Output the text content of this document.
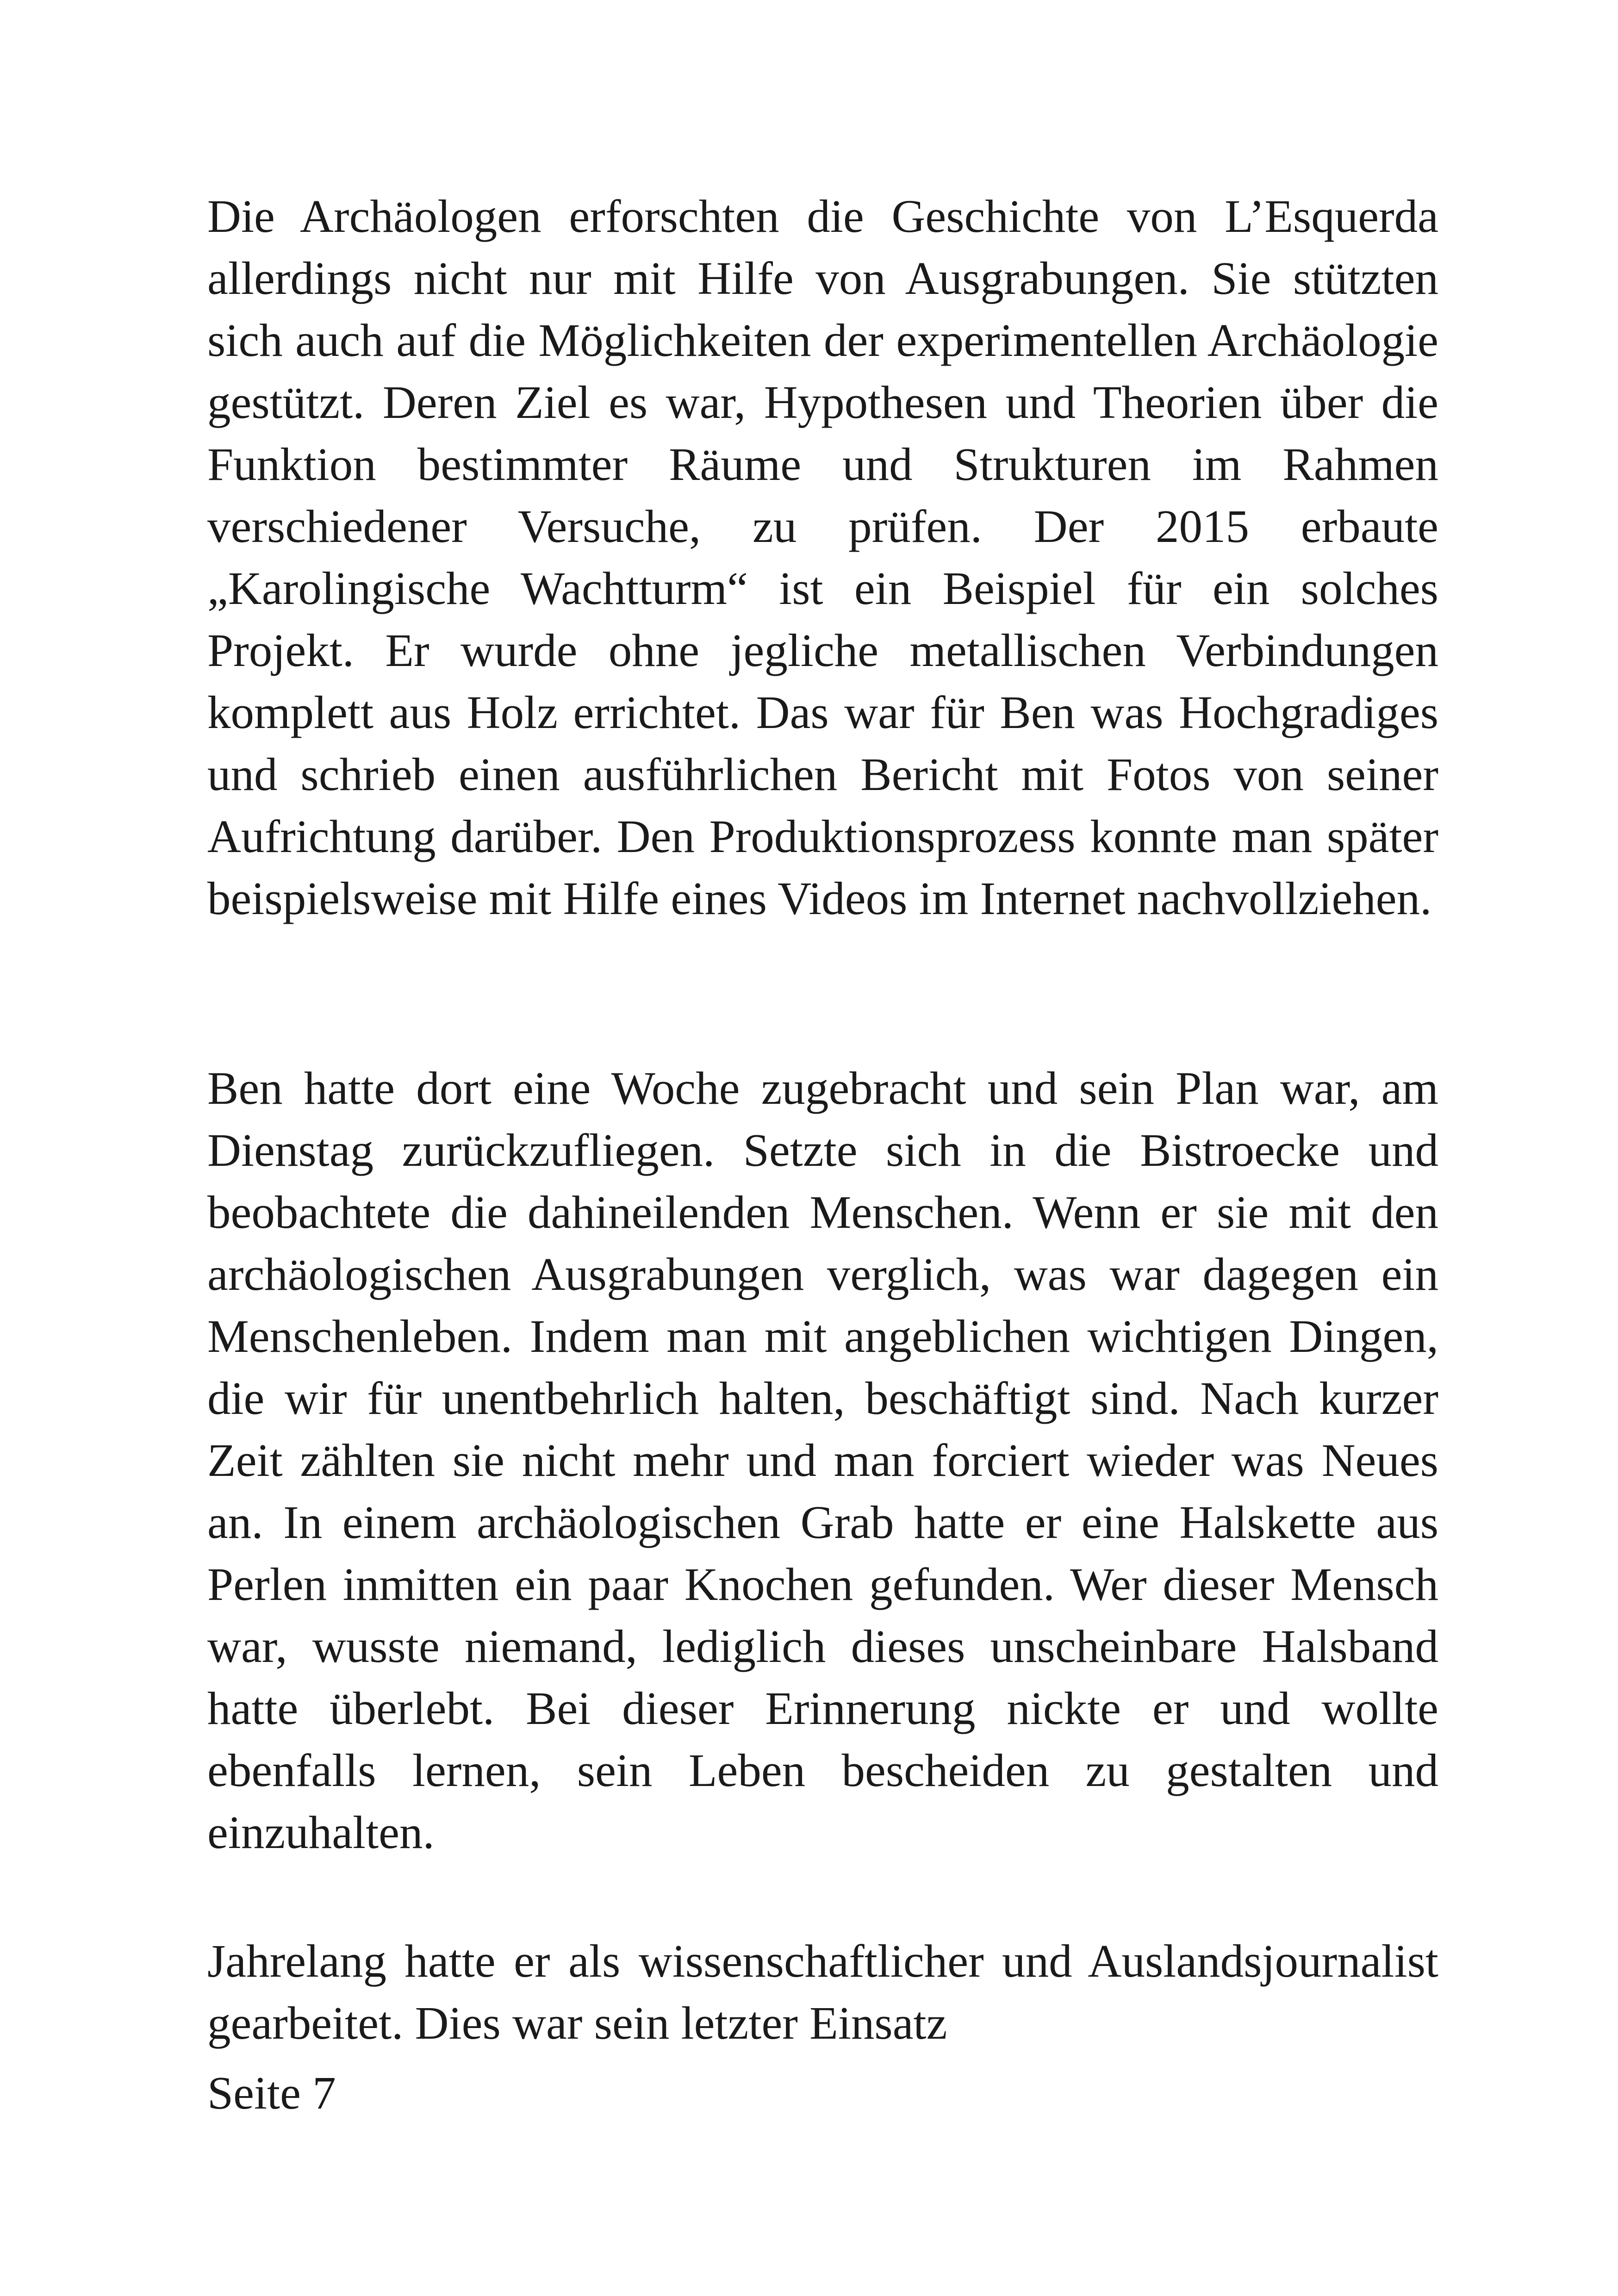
Die Archäologen erforschten die Geschichte von L’Esquerda allerdings nicht nur mit Hilfe von Ausgrabungen. Sie stützten sich auch auf die Möglichkeiten der experimentellen Archäologie gestützt. Deren Ziel es war, Hypothesen und Theorien über die Funktion bestimmter Räume und Strukturen im Rahmen verschiedener Versuche, zu prüfen. Der 2015 erbaute „Karolingische Wachtturm“ ist ein Beispiel für ein solches Projekt. Er wurde ohne jegliche metallischen Verbindungen komplett aus Holz errichtet. Das war für Ben was Hochgradiges und schrieb einen ausführlichen Bericht mit Fotos von seiner Aufrichtung darüber. Den Produktionsprozess konnte man später beispielsweise mit Hilfe eines Videos im Internet nachvollziehen.

Ben hatte dort eine Woche zugebracht und sein Plan war, am Dienstag zurückzufliegen. Setzte sich in die Bistroecke und beobachtete die dahineilenden Menschen. Wenn er sie mit den archäologischen Ausgrabungen verglich, was war dagegen ein Menschenleben. Indem man mit angeblichen wichtigen Dingen, die wir für unentbehrlich halten, beschäftigt sind. Nach kurzer Zeit zählten sie nicht mehr und man forciert wieder was Neues an. In einem archäologischen Grab hatte er eine Halskette aus Perlen inmitten ein paar Knochen gefunden. Wer dieser Mensch war, wusste niemand, lediglich dieses unscheinbare Halsband hatte überlebt. Bei dieser Erinnerung nickte er und wollte ebenfalls lernen, sein Leben bescheiden zu gestalten und einzuhalten.

Jahrelang hatte er als wissenschaftlicher und Auslandsjournalist gearbeitet. Dies war sein letzter Einsatz

Seite 7
